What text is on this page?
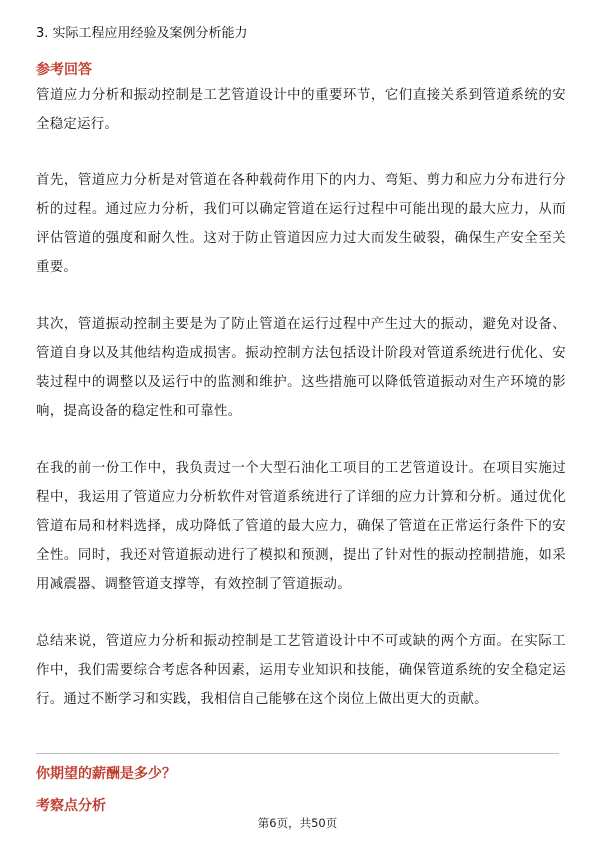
3. 实际工程应用经验及案例分析能力
参考回答

管道应力分析和振动控制是工艺管道设计中的重要环节，它们直接关系到管道系统的安全稳定运行。

首先，管道应力分析是对管道在各种载荷作用下的内力、弯矩、剪力和应力分布进行分析的过程。通过应力分析，我们可以确定管道在运行过程中可能出现的最大应力，从而评估管道的强度和耐久性。这对于防止管道因应力过大而发生破裂，确保生产安全至关重要。

其次，管道振动控制主要是为了防止管道在运行过程中产生过大的振动，避免对设备、管道自身以及其他结构造成损害。振动控制方法包括设计阶段对管道系统进行优化、安装过程中的调整以及运行中的监测和维护。这些措施可以降低管道振动对生产环境的影响，提高设备的稳定性和可靠性。

在我的前一份工作中，我负责过一个大型石油化工项目的工艺管道设计。在项目实施过程中，我运用了管道应力分析软件对管道系统进行了详细的应力计算和分析。通过优化管道布局和材料选择，成功降低了管道的最大应力，确保了管道在正常运行条件下的安全性。同时，我还对管道振动进行了模拟和预测，提出了针对性的振动控制措施，如采用减震器、调整管道支撑等，有效控制了管道振动。

总结来说，管道应力分析和振动控制是工艺管道设计中不可或缺的两个方面。在实际工作中，我们需要综合考虑各种因素，运用专业知识和技能，确保管道系统的安全稳定运行。通过不断学习和实践，我相信自己能够在这个岗位上做出更大的贡献。

你期望的薪酬是多少？
考察点分析
第6页，共50页
